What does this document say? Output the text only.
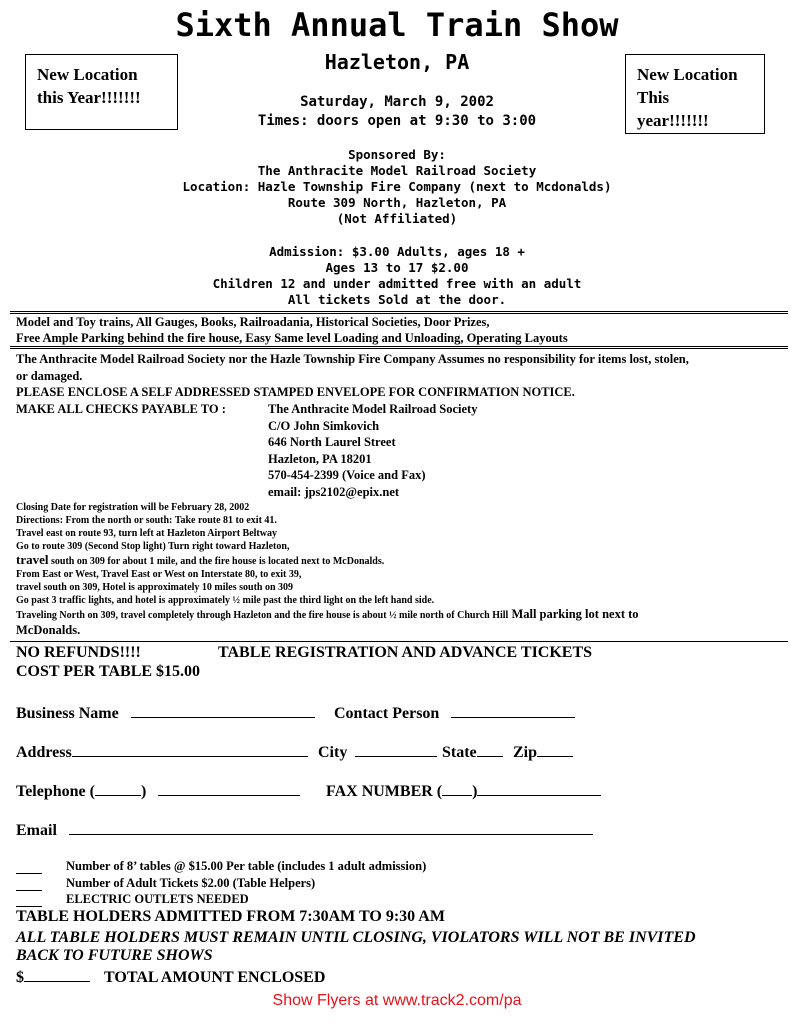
Sixth Annual Train Show
Hazleton, PA
New Location
this Year!!!!!!!
New Location
This
year!!!!!!!
Saturday, March 9, 2002
Times: doors open at 9:30 to 3:00
Sponsored By:
The Anthracite Model Railroad Society
Location: Hazle Township Fire Company (next to Mcdonalds)
Route 309 North, Hazleton, PA
(Not Affiliated)
Admission: $3.00 Adults, ages 18 +
Ages 13 to 17 $2.00
Children 12 and under admitted free with an adult
All tickets Sold at the door.
Model and Toy trains, All Gauges, Books, Railroadania, Historical Societies, Door Prizes,
Free Ample Parking behind the fire house, Easy Same level Loading and Unloading, Operating Layouts
The Anthracite Model Railroad Society nor the Hazle Township Fire Company Assumes no responsibility for items lost, stolen,
or damaged.
PLEASE ENCLOSE A SELF ADDRESSED STAMPED ENVELOPE FOR CONFIRMATION NOTICE.
MAKE ALL CHECKS PAYABLE TO :	The Anthracite Model Railroad Society
C/O John Simkovich
646 North Laurel Street
Hazleton, PA 18201
570-454-2399 (Voice and Fax)
email: jps2102@epix.net
Closing Date for registration will be February 28, 2002
Directions: From the north or south: Take route 81 to exit 41.
Travel east on route 93, turn left at Hazleton Airport Beltway
Go to route 309 (Second Stop light) Turn right toward Hazleton,
travel south on 309 for about 1 mile, and the fire house is located next to McDonalds.
From East or West, Travel East or West on Interstate 80, to exit 39,
travel south on 309, Hotel is approximately 10 miles south on 309
Go past 3 traffic lights, and hotel is approximately ½ mile past the third light on the left hand side.
Traveling North on 309, travel completely through Hazleton and the fire house is about ½ mile north of Church Hill Mall parking lot next to
McDonalds.
NO REFUNDS!!!!	TABLE REGISTRATION AND ADVANCE TICKETS
COST PER TABLE $15.00
Business Name	Contact Person
Address	City	State	Zip
Telephone (	)	FAX NUMBER ( )
Email
Number of 8’ tables @ $15.00 Per table (includes 1 adult admission)
Number of Adult Tickets $2.00 (Table Helpers)
ELECTRIC OUTLETS NEEDED
TABLE HOLDERS ADMITTED FROM 7:30AM TO 9:30 AM
ALL TABLE HOLDERS MUST REMAIN UNTIL CLOSING, VIOLATORS WILL NOT BE INVITED
BACK TO FUTURE SHOWS
$	TOTAL AMOUNT ENCLOSED
Show Flyers at www.track2.com/pa
